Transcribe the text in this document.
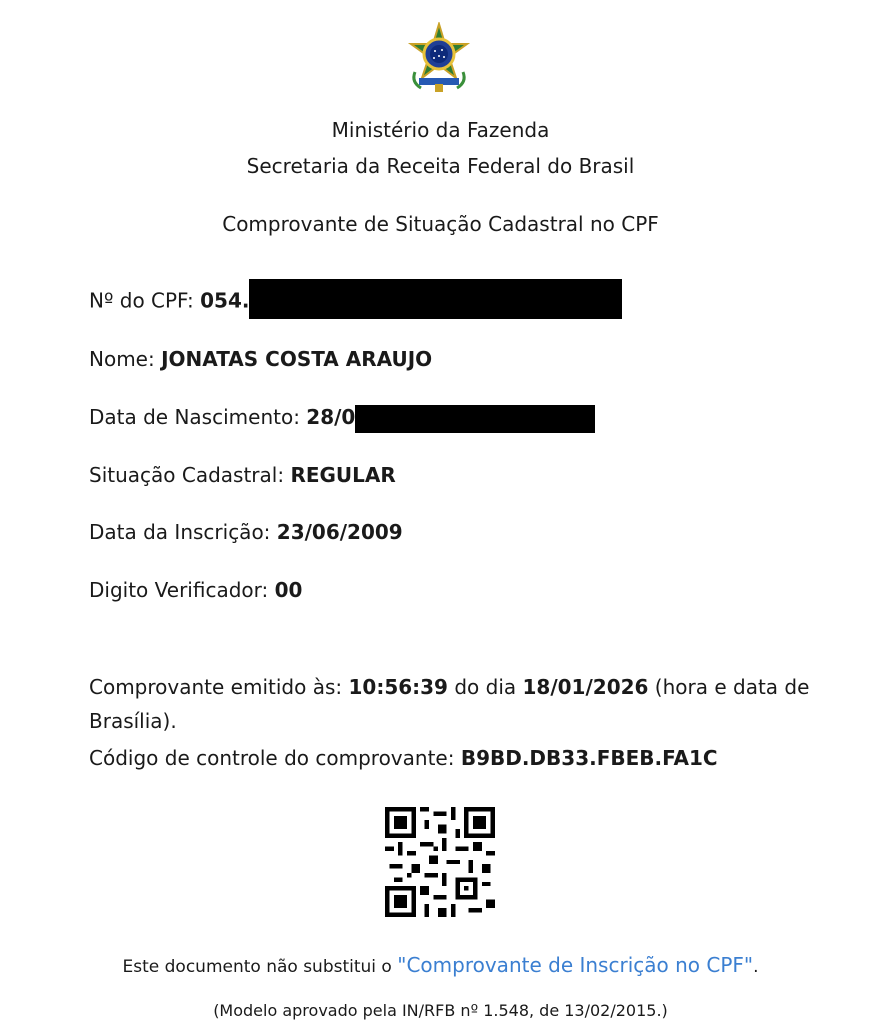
Ministério da Fazenda
Secretaria da Receita Federal do Brasil
Comprovante de Situação Cadastral no CPF
Nº do CPF: 054.
Nome: JONATAS COSTA ARAUJO
Data de Nascimento: 28/0
Situação Cadastral: REGULAR
Data da Inscrição: 23/06/2009
Digito Verificador: 00
Comprovante emitido às: 10:56:39 do dia 18/01/2026 (hora e data de Brasília).
Código de controle do comprovante: B9BD.DB33.FBEB.FA1C
Este documento não substitui o "Comprovante de Inscrição no CPF".
(Modelo aprovado pela IN/RFB nº 1.548, de 13/02/2015.)
